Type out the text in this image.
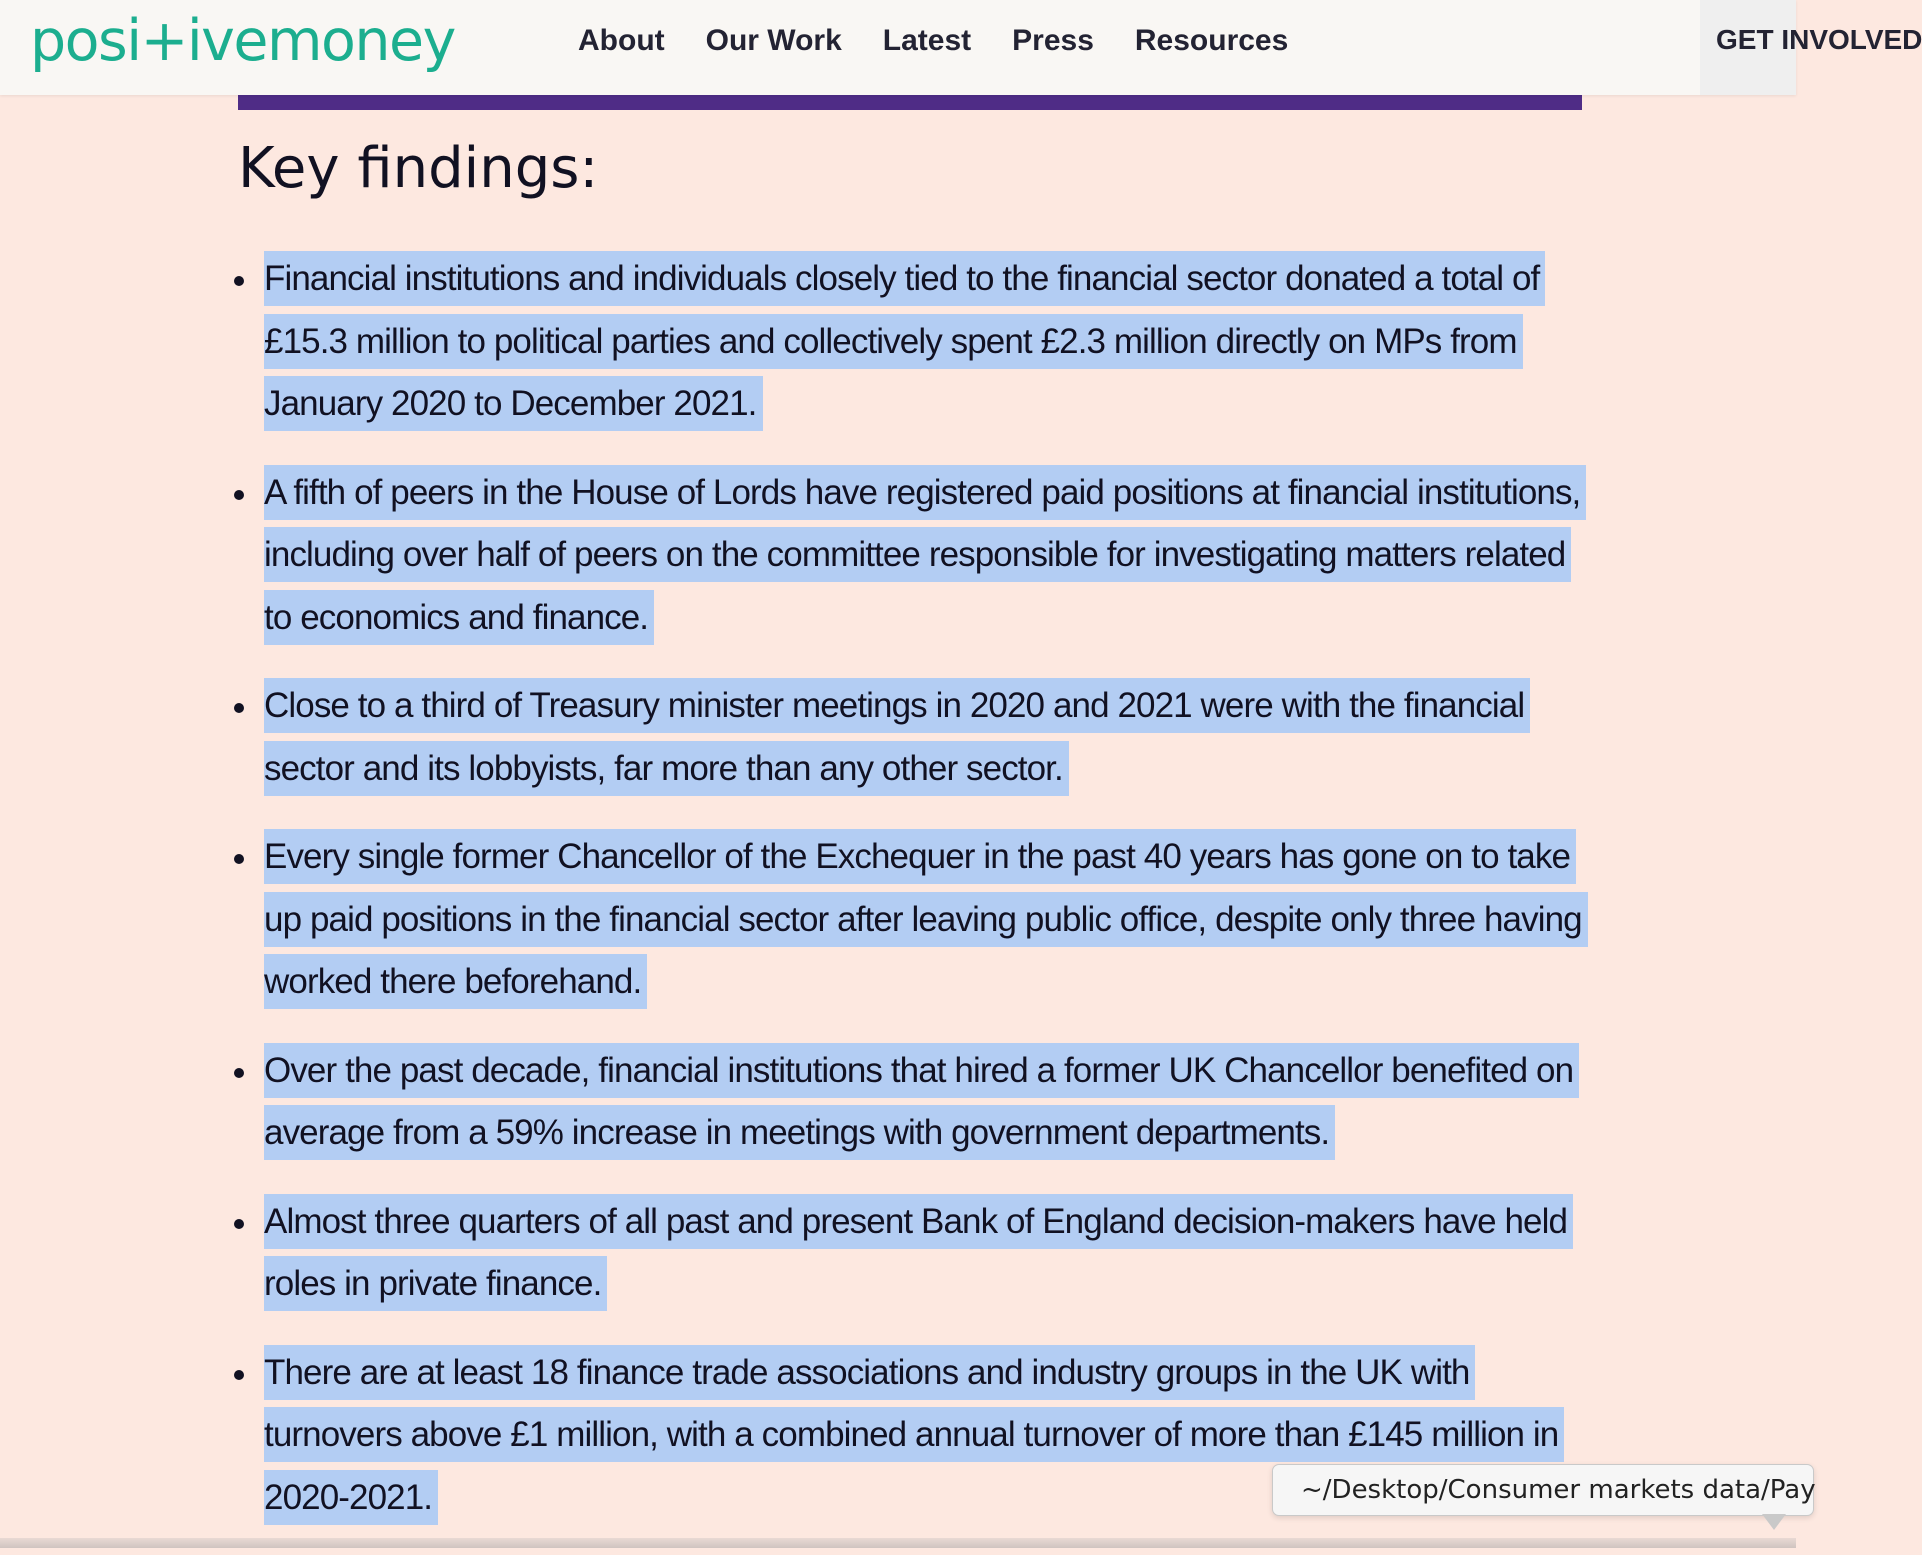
posi+ivemoney	About Our Work Latest Press Resources	GET INVOLVED
Key findings:
Financial institutions and individuals closely tied to the financial sector donated a total of £15.3 million to political parties and collectively spent £2.3 million directly on MPs from January 2020 to December 2021.
A fifth of peers in the House of Lords have registered paid positions at financial institutions, including over half of peers on the committee responsible for investigating matters related to economics and finance.
Close to a third of Treasury minister meetings in 2020 and 2021 were with the financial sector and its lobbyists, far more than any other sector.
Every single former Chancellor of the Exchequer in the past 40 years has gone on to take up paid positions in the financial sector after leaving public office, despite only three having worked there beforehand.
Over the past decade, financial institutions that hired a former UK Chancellor benefited on average from a 59% increase in meetings with government departments.
Almost three quarters of all past and present Bank of England decision-makers have held roles in private finance.
There are at least 18 finance trade associations and industry groups in the UK with turnovers above £1 million, with a combined annual turnover of more than £145 million in 2020-2021.	~/Desktop/Consumer markets data/Pay
